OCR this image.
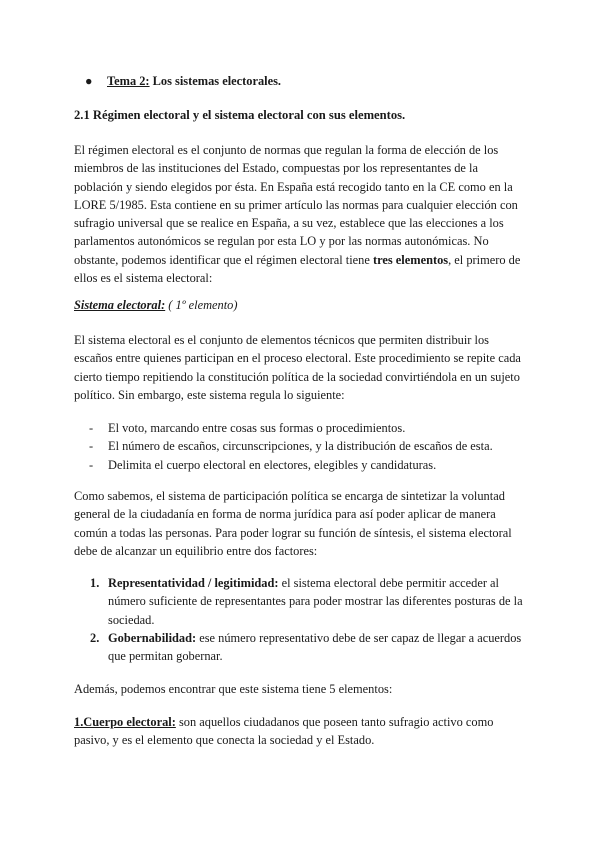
● Tema 2: Los sistemas electorales.

2.1 Régimen electoral y el sistema electoral con sus elementos.

El régimen electoral es el conjunto de normas que regulan la forma de elección de los miembros de las instituciones del Estado, compuestas por los representantes de la población y siendo elegidos por ésta. En España está recogido tanto en la CE como en la LORE 5/1985. Esta contiene en su primer artículo las normas para cualquier elección con sufragio universal que se realice en España, a su vez, establece que las elecciones a los parlamentos autonómicos se regulan por esta LO y por las normas autonómicas. No obstante, podemos identificar que el régimen electoral tiene tres elementos, el primero de ellos es el sistema electoral:

Sistema electoral: ( 1º elemento)

El sistema electoral es el conjunto de elementos técnicos que permiten distribuir los escaños entre quienes participan en el proceso electoral. Este procedimiento se repite cada cierto tiempo repitiendo la constitución política de la sociedad convirtiéndola en un sujeto político. Sin embargo, este sistema regula lo siguiente:

- El voto, marcando entre cosas sus formas o procedimientos.
- El número de escaños, circunscripciones, y la distribución de escaños de esta.
- Delimita el cuerpo electoral en electores, elegibles y candidaturas.

Como sabemos, el sistema de participación política se encarga de sintetizar la voluntad general de la ciudadanía en forma de norma jurídica para así poder aplicar de manera común a todas las personas. Para poder lograr su función de síntesis, el sistema electoral debe de alcanzar un equilibrio entre dos factores:

1. Representatividad / legitimidad: el sistema electoral debe permitir acceder al número suficiente de representantes para poder mostrar las diferentes posturas de la sociedad.
2. Gobernabilidad: ese número representativo debe de ser capaz de llegar a acuerdos que permitan gobernar.

Además, podemos encontrar que este sistema tiene 5 elementos:

1.Cuerpo electoral: son aquellos ciudadanos que poseen tanto sufragio activo como pasivo, y es el elemento que conecta la sociedad y el Estado.
